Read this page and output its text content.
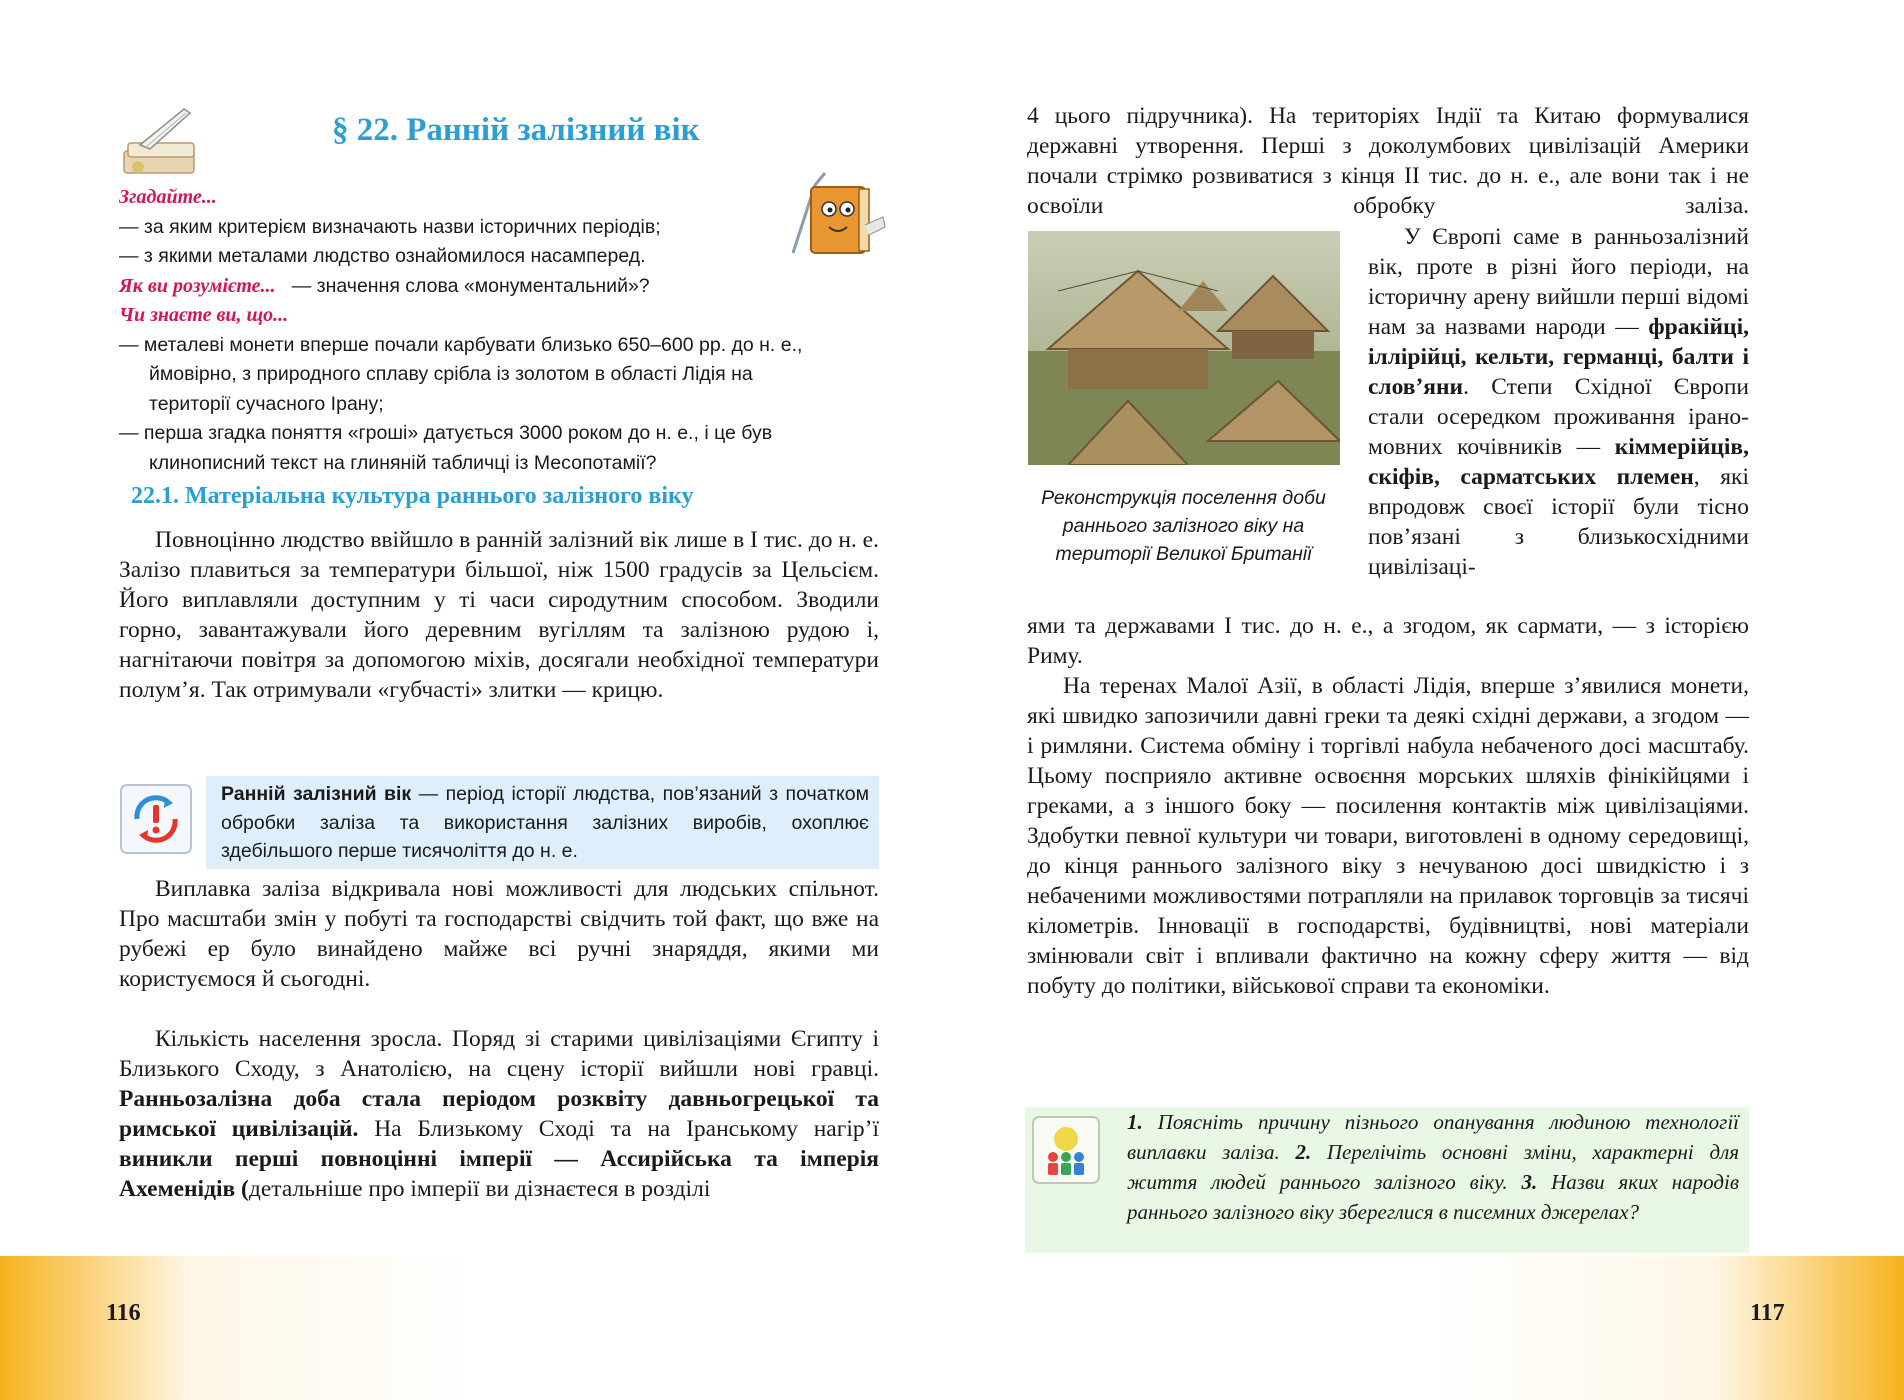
§ 22. Ранній залізний вік
Згадайте...
— за яким критерієм визначають назви історичних періодів;
— з якими металами людство ознайомилося насамперед.
Як ви розумієте...   — значення слова «монументальний»?
Чи знаєте ви, що...
— металеві монети вперше почали карбувати близько 650–600 рр. до н. е.,
ймовірно, з природного сплаву срібла із золотом в області Лідія на
території сучасного Ірану;
— перша згадка поняття «гроші» датується 3000 роком до н. е., і це був
клинописний текст на глиняній табличці із Месопотамії?
22.1. Матеріальна культура раннього залізного віку

Повноцінно людство ввійшло в ранній залізний вік лише в І тис. до н. е. Залізо плавиться за температури більшої, ніж 1500 градусів за Цельсієм. Його виплавляли доступним у ті часи сиродутним способом. Зводили горно, завантажували його деревним вугіллям та залізною рудою і, нагнітаючи повітря за допомогою міхів, досягали необхідної температури полум’я. Так отримували «губчасті» злитки — крицю.

Ранній залізний вік — період історії людства, пов’язаний з початком обробки заліза та використання залізних виробів, охоплює здебільшого перше тисячоліття до н. е.

Виплавка заліза відкривала нові можливості для людських спільнот. Про масштаби змін у побуті та господарстві свідчить той факт, що вже на рубежі ер було винайдено майже всі ручні знаряддя, якими ми користуємося й сьогодні.

Кількість населення зросла. Поряд зі старими цивілізаціями Єгипту і Близького Сходу, з Анатолією, на сцену історії вийшли нові гравці. Ранньозалізна доба стала періодом розквіту давньогрецької та римської цивілізацій. На Близькому Сході та на Іранському нагір’ї виникли перші повноцінні імперії — Ассирійська та імперія Ахеменідів (детальніше про імперії ви дізнаєтеся в розділі

116

4 цього підручника). На територіях Індії та Китаю формувалися державні утворення. Перші з доколумбових цивілізацій Америки почали стрімко розвиватися з кінця ІІ тис. до н. е., але вони так і не освоїли обробку заліза.

Реконструкція поселення доби раннього залізного віку на території Великої Британії

У Європі саме в ранньозалізний вік, проте в різні його періоди, на історичну арену вийшли перші відомі нам за назвами народи — фракійці, іллірійці, кельти, германці, балти і слов’яни. Степи Східної Європи стали осередком проживання іраномовних кочівників — кіммерійців, скіфів, сарматських племен, які впродовж своєї історії були тісно пов’язані з близькосхідними цивілізаці-

ями та державами І тис. до н. е., а згодом, як сармати, — з історією Риму.

На теренах Малої Азії, в області Лідія, вперше з’явилися монети, які швидко запозичили давні греки та деякі східні держави, а згодом — і римляни. Система обміну і торгівлі набула небаченого досі масштабу. Цьому посприяло активне освоєння морських шляхів фінікійцями і греками, а з іншого боку — посилення контактів між цивілізаціями. Здобутки певної культури чи товари, виготовлені в одному середовищі, до кінця раннього залізного віку з нечуваною досі швидкістю і з небаченими можливостями потрапляли на прилавок торговців за тисячі кілометрів. Інновації в господарстві, будівництві, нові матеріали змінювали світ і впливали фактично на кожну сферу життя — від побуту до політики, військової справи та економіки.

1. Поясніть причину пізнього опанування людиною технології виплавки заліза. 2. Перелічіть основні зміни, характерні для життя людей раннього залізного віку. 3. Назви яких народів раннього залізного віку збереглися в писемних джерелах?
117
